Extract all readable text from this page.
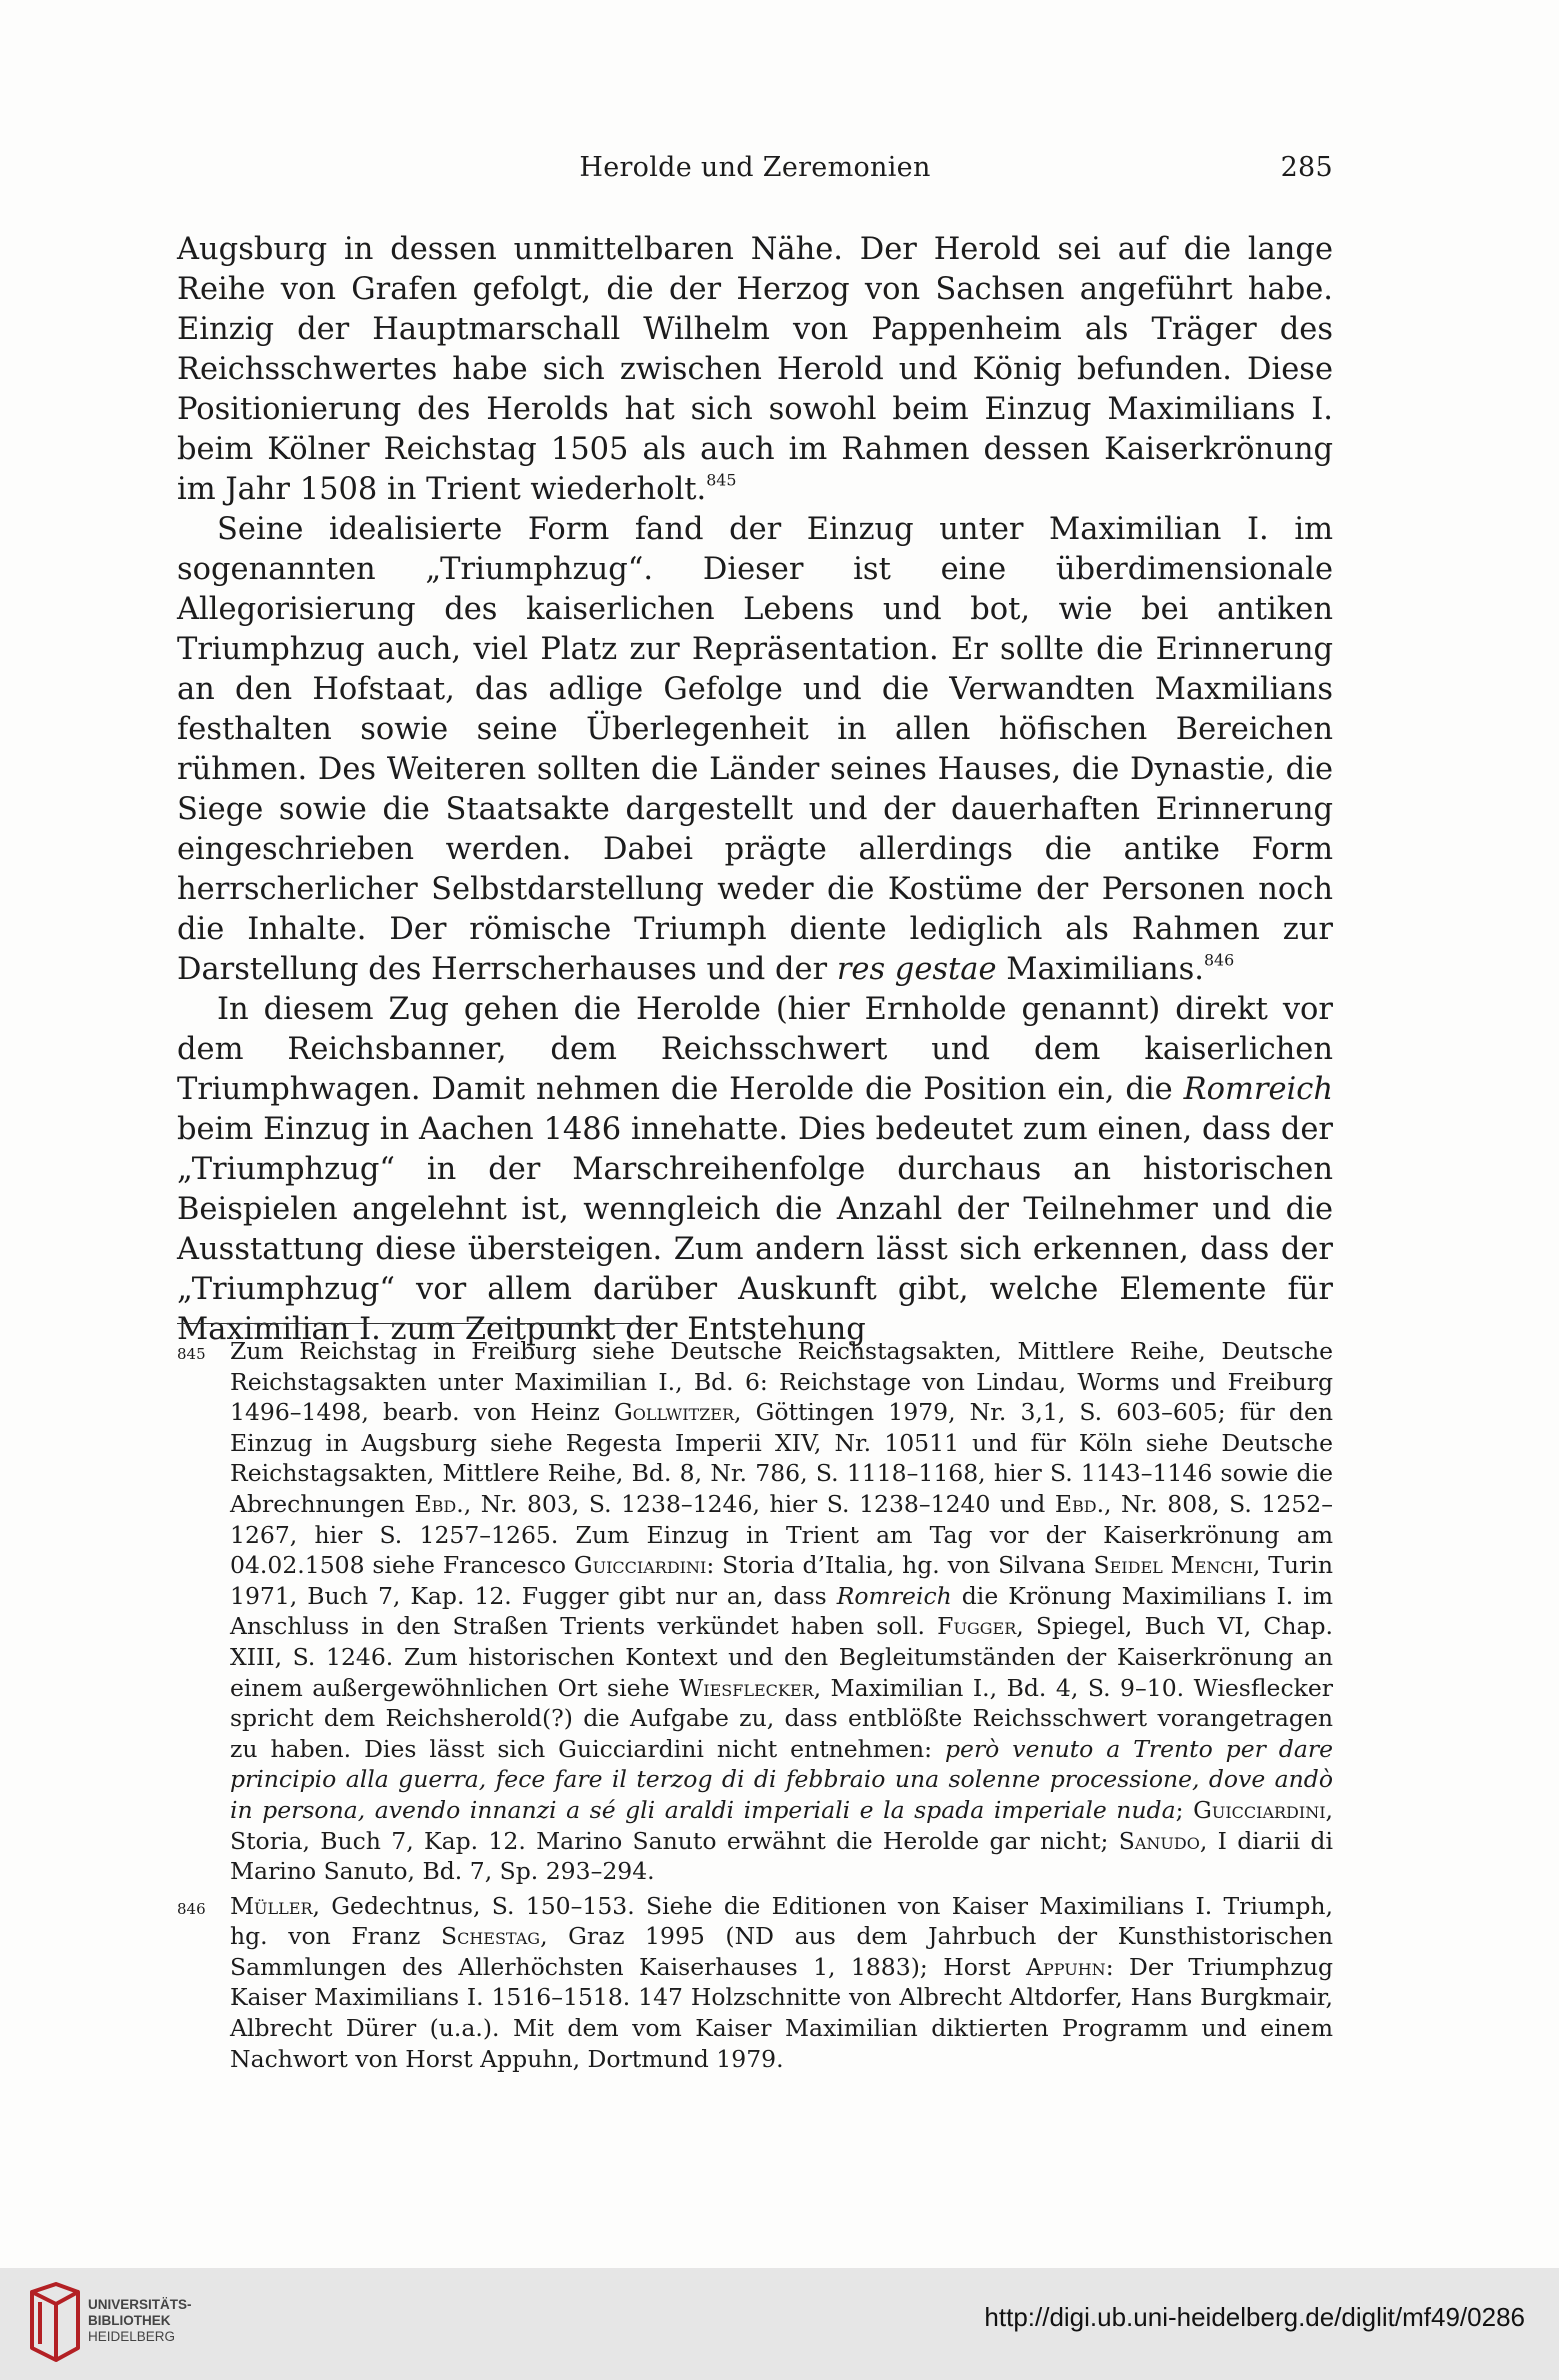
Herolde und Zeremonien	285

Augsburg in dessen unmittelbaren Nähe. Der Herold sei auf die lange Reihe von Grafen gefolgt, die der Herzog von Sachsen angeführt habe. Einzig der Hauptmarschall Wilhelm von Pappenheim als Träger des Reichsschwertes habe sich zwischen Herold und König befunden. Diese Positionierung des Herolds hat sich sowohl beim Einzug Maximilians I. beim Kölner Reichstag 1505 als auch im Rahmen dessen Kaiserkrönung im Jahr 1508 in Trient wiederholt.$^{845}$

Seine idealisierte Form fand der Einzug unter Maximilian I. im sogenannten „Triumphzug“. Dieser ist eine überdimensionale Allegorisierung des kaiserlichen Lebens und bot, wie bei antiken Triumphzug auch, viel Platz zur Repräsentation. Er sollte die Erinnerung an den Hofstaat, das adlige Gefolge und die Verwandten Maxmilians festhalten sowie seine Überlegenheit in allen höfischen Bereichen rühmen. Des Weiteren sollten die Länder seines Hauses, die Dynastie, die Siege sowie die Staatsakte dargestellt und der dauerhaften Erinnerung eingeschrieben werden. Dabei prägte allerdings die antike Form herrscherlicher Selbstdarstellung weder die Kostüme der Personen noch die Inhalte. Der römische Triumph diente lediglich als Rahmen zur Darstellung des Herrscherhauses und der res gestae Maximilians.$^{846}$

In diesem Zug gehen die Herolde (hier Ernholde genannt) direkt vor dem Reichsbanner, dem Reichsschwert und dem kaiserlichen Triumphwagen. Damit nehmen die Herolde die Position ein, die Romreich beim Einzug in Aachen 1486 innehatte. Dies bedeutet zum einen, dass der „Triumphzug“ in der Marschreihenfolge durchaus an historischen Beispielen angelehnt ist, wenngleich die Anzahl der Teilnehmer und die Ausstattung diese übersteigen. Zum andern lässt sich erkennen, dass der „Triumphzug“ vor allem darüber Auskunft gibt, welche Elemente für Maximilian I. zum Zeitpunkt der Entstehung

845 Zum Reichstag in Freiburg siehe Deutsche Reichstagsakten, Mittlere Reihe, Deutsche Reichstagsakten unter Maximilian I., Bd. 6: Reichstage von Lindau, Worms und Freiburg 1496–1498, bearb. von Heinz Gollwitzer, Göttingen 1979, Nr. 3,1, S. 603–605; für den Einzug in Augsburg siehe Regesta Imperii XIV, Nr. 10511 und für Köln siehe Deutsche Reichstagsakten, Mittlere Reihe, Bd. 8, Nr. 786, S. 1118–1168, hier S. 1143–1146 sowie die Abrechnungen Ebd., Nr. 803, S. 1238–1246, hier S. 1238–1240 und Ebd., Nr. 808, S. 1252–1267, hier S. 1257–1265. Zum Einzug in Trient am Tag vor der Kaiserkrönung am 04.02.1508 siehe Francesco Guicciardini: Storia d’Italia, hg. von Silvana Seidel Menchi, Turin 1971, Buch 7, Kap. 12. Fugger gibt nur an, dass Romreich die Krönung Maximilians I. im Anschluss in den Straßen Trients verkündet haben soll. Fugger, Spiegel, Buch VI, Chap. XIII, S. 1246. Zum historischen Kontext und den Begleitumständen der Kaiserkrönung an einem außergewöhnlichen Ort siehe Wiesflecker, Maximilian I., Bd. 4, S. 9–10. Wiesflecker spricht dem Reichsherold(?) die Aufgabe zu, dass entblößte Reichsschwert vorangetragen zu haben. Dies lässt sich Guicciardini nicht entnehmen: però venuto a Trento per dare principio alla guerra, fece fare il terzog di di febbraio una solenne processione, dove andò in persona, avendo innanzi a sé gli araldi imperiali e la spada imperiale nuda; Guicciardini, Storia, Buch 7, Kap. 12. Marino Sanuto erwähnt die Herolde gar nicht; Sanudo, I diarii di Marino Sanuto, Bd. 7, Sp. 293–294.
846 Müller, Gedechtnus, S. 150–153. Siehe die Editionen von Kaiser Maximilians I. Triumph, hg. von Franz Schestag, Graz 1995 (ND aus dem Jahrbuch der Kunsthistorischen Sammlungen des Allerhöchsten Kaiserhauses 1, 1883); Horst Appuhn: Der Triumphzug Kaiser Maximilians I. 1516–1518. 147 Holzschnitte von Albrecht Altdorfer, Hans Burgkmair, Albrecht Dürer (u.a.). Mit dem vom Kaiser Maximilian diktierten Programm und einem Nachwort von Horst Appuhn, Dortmund 1979.
UNIVERSITÄTS-
BIBLIOTHEK
HEIDELBERG
http://digi.ub.uni-heidelberg.de/diglit/mf49/0286
